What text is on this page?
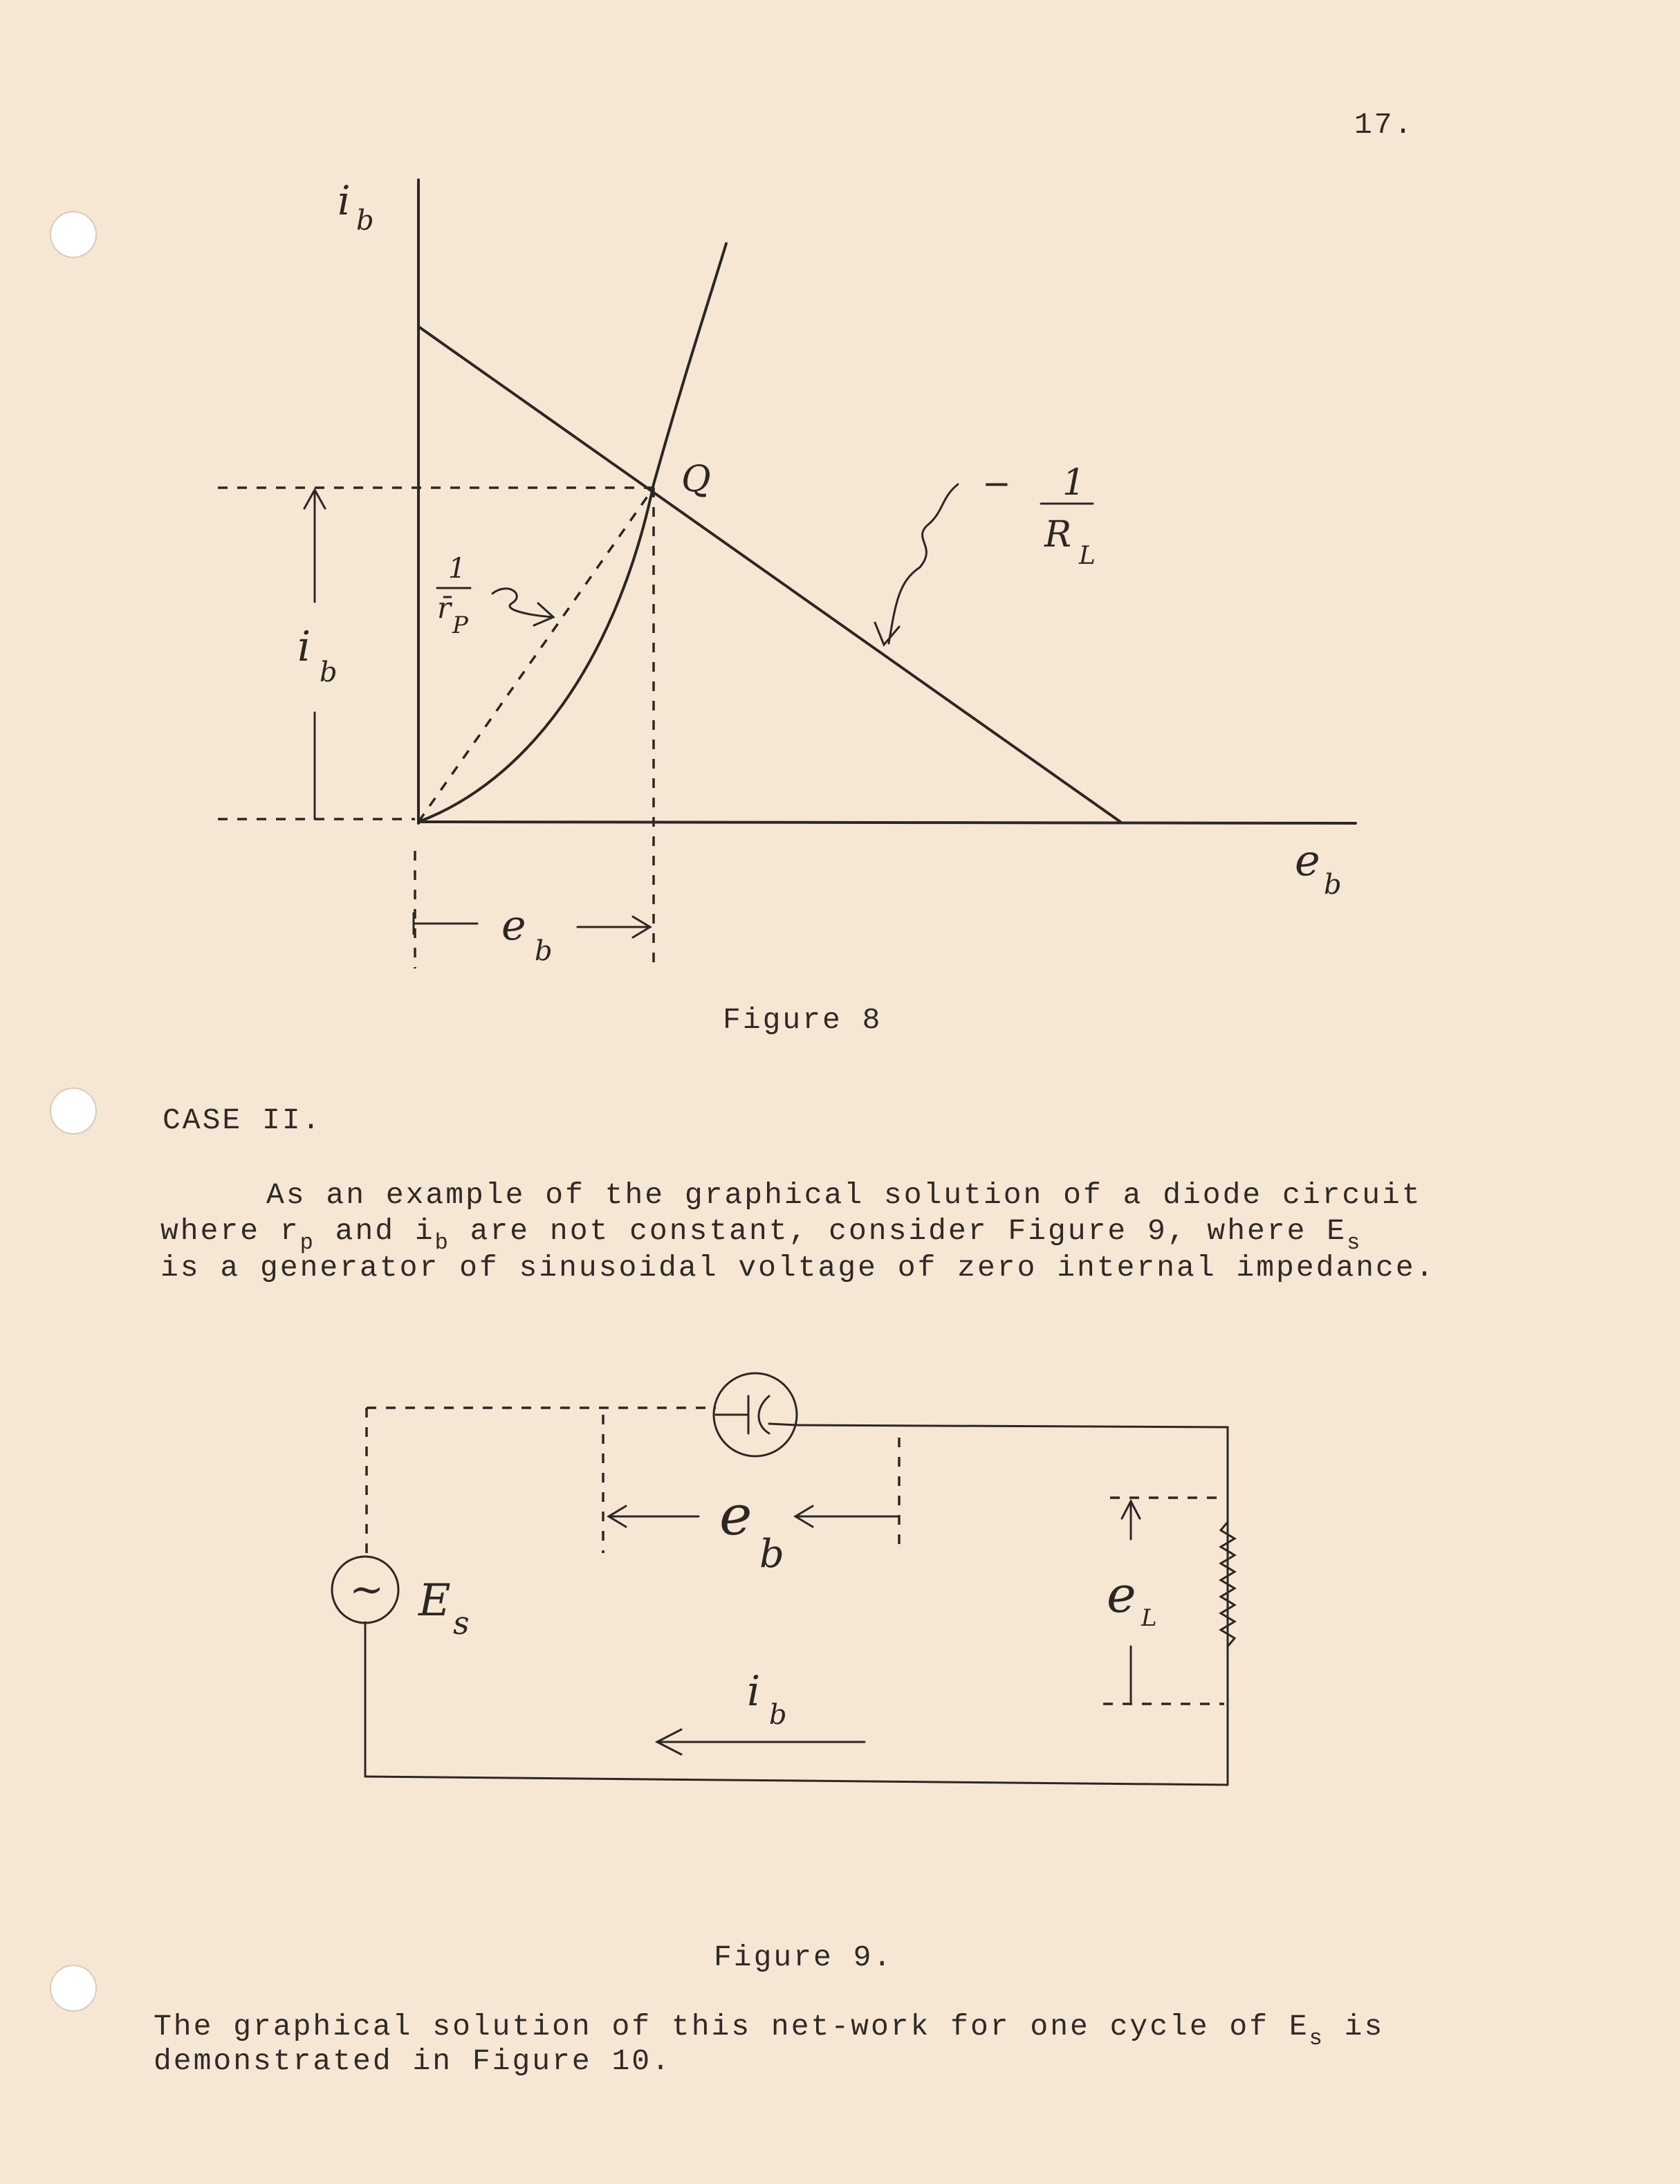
17.
i b
e b
Q	− 1
R
L
1
r̄
P
i
b
e
b
~ E s
e
b
e L
i b
Figure 8
CASE II.
As an example of the graphical solution of a diode circuit
where $r_p$ and $i_b$ are not constant, consider Figure 9, where $E_s$
is a generator of sinusoidal voltage of zero internal impedance.
Figure 9.
The graphical solution of this net-work for one cycle of $E_s$ is
demonstrated in Figure 10.
